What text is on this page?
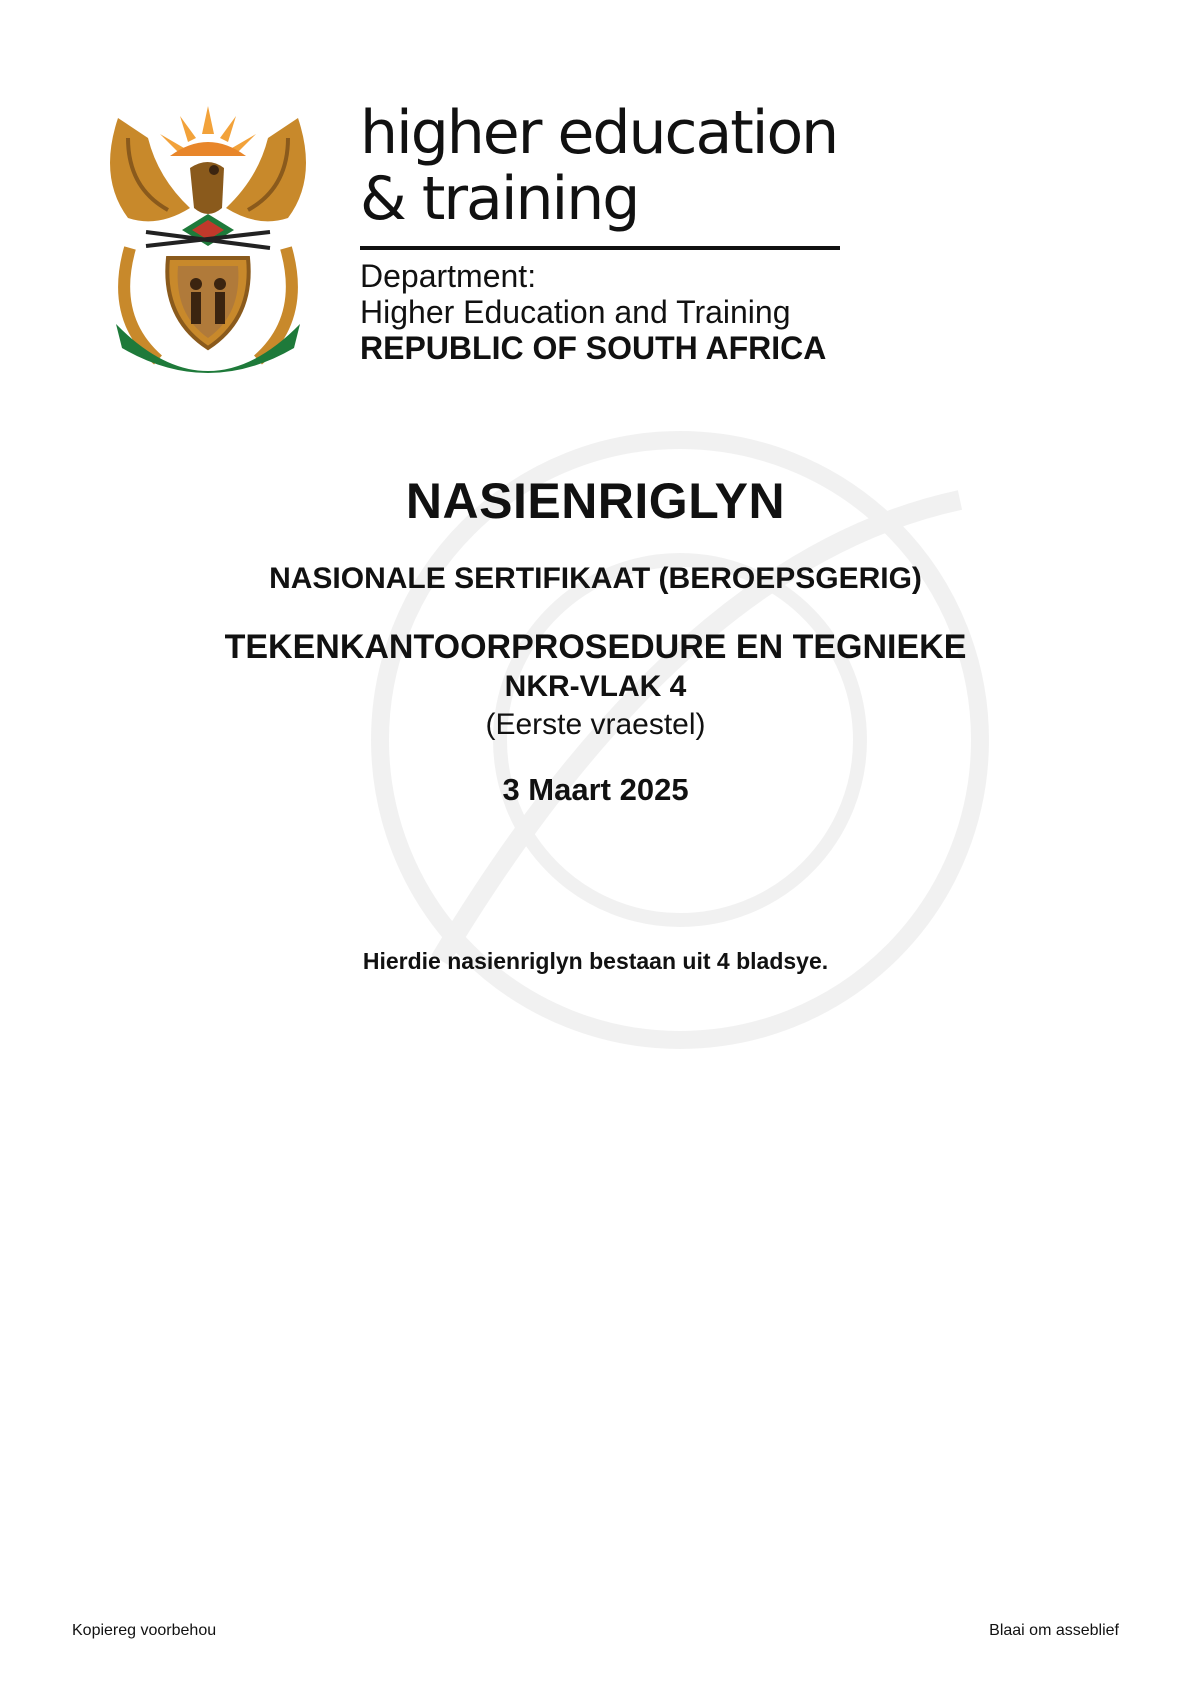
higher education
& training
Department:
Higher Education and Training
REPUBLIC OF SOUTH AFRICA
NASIENRIGLYN
NASIONALE SERTIFIKAAT (BEROEPSGERIG)
TEKENKANTOORPROSEDURE EN TEGNIEKE
NKR-VLAK 4
(Eerste vraestel)
3 Maart 2025
Hierdie nasienriglyn bestaan uit 4 bladsye.
Kopiereg voorbehou	Blaai om asseblief
